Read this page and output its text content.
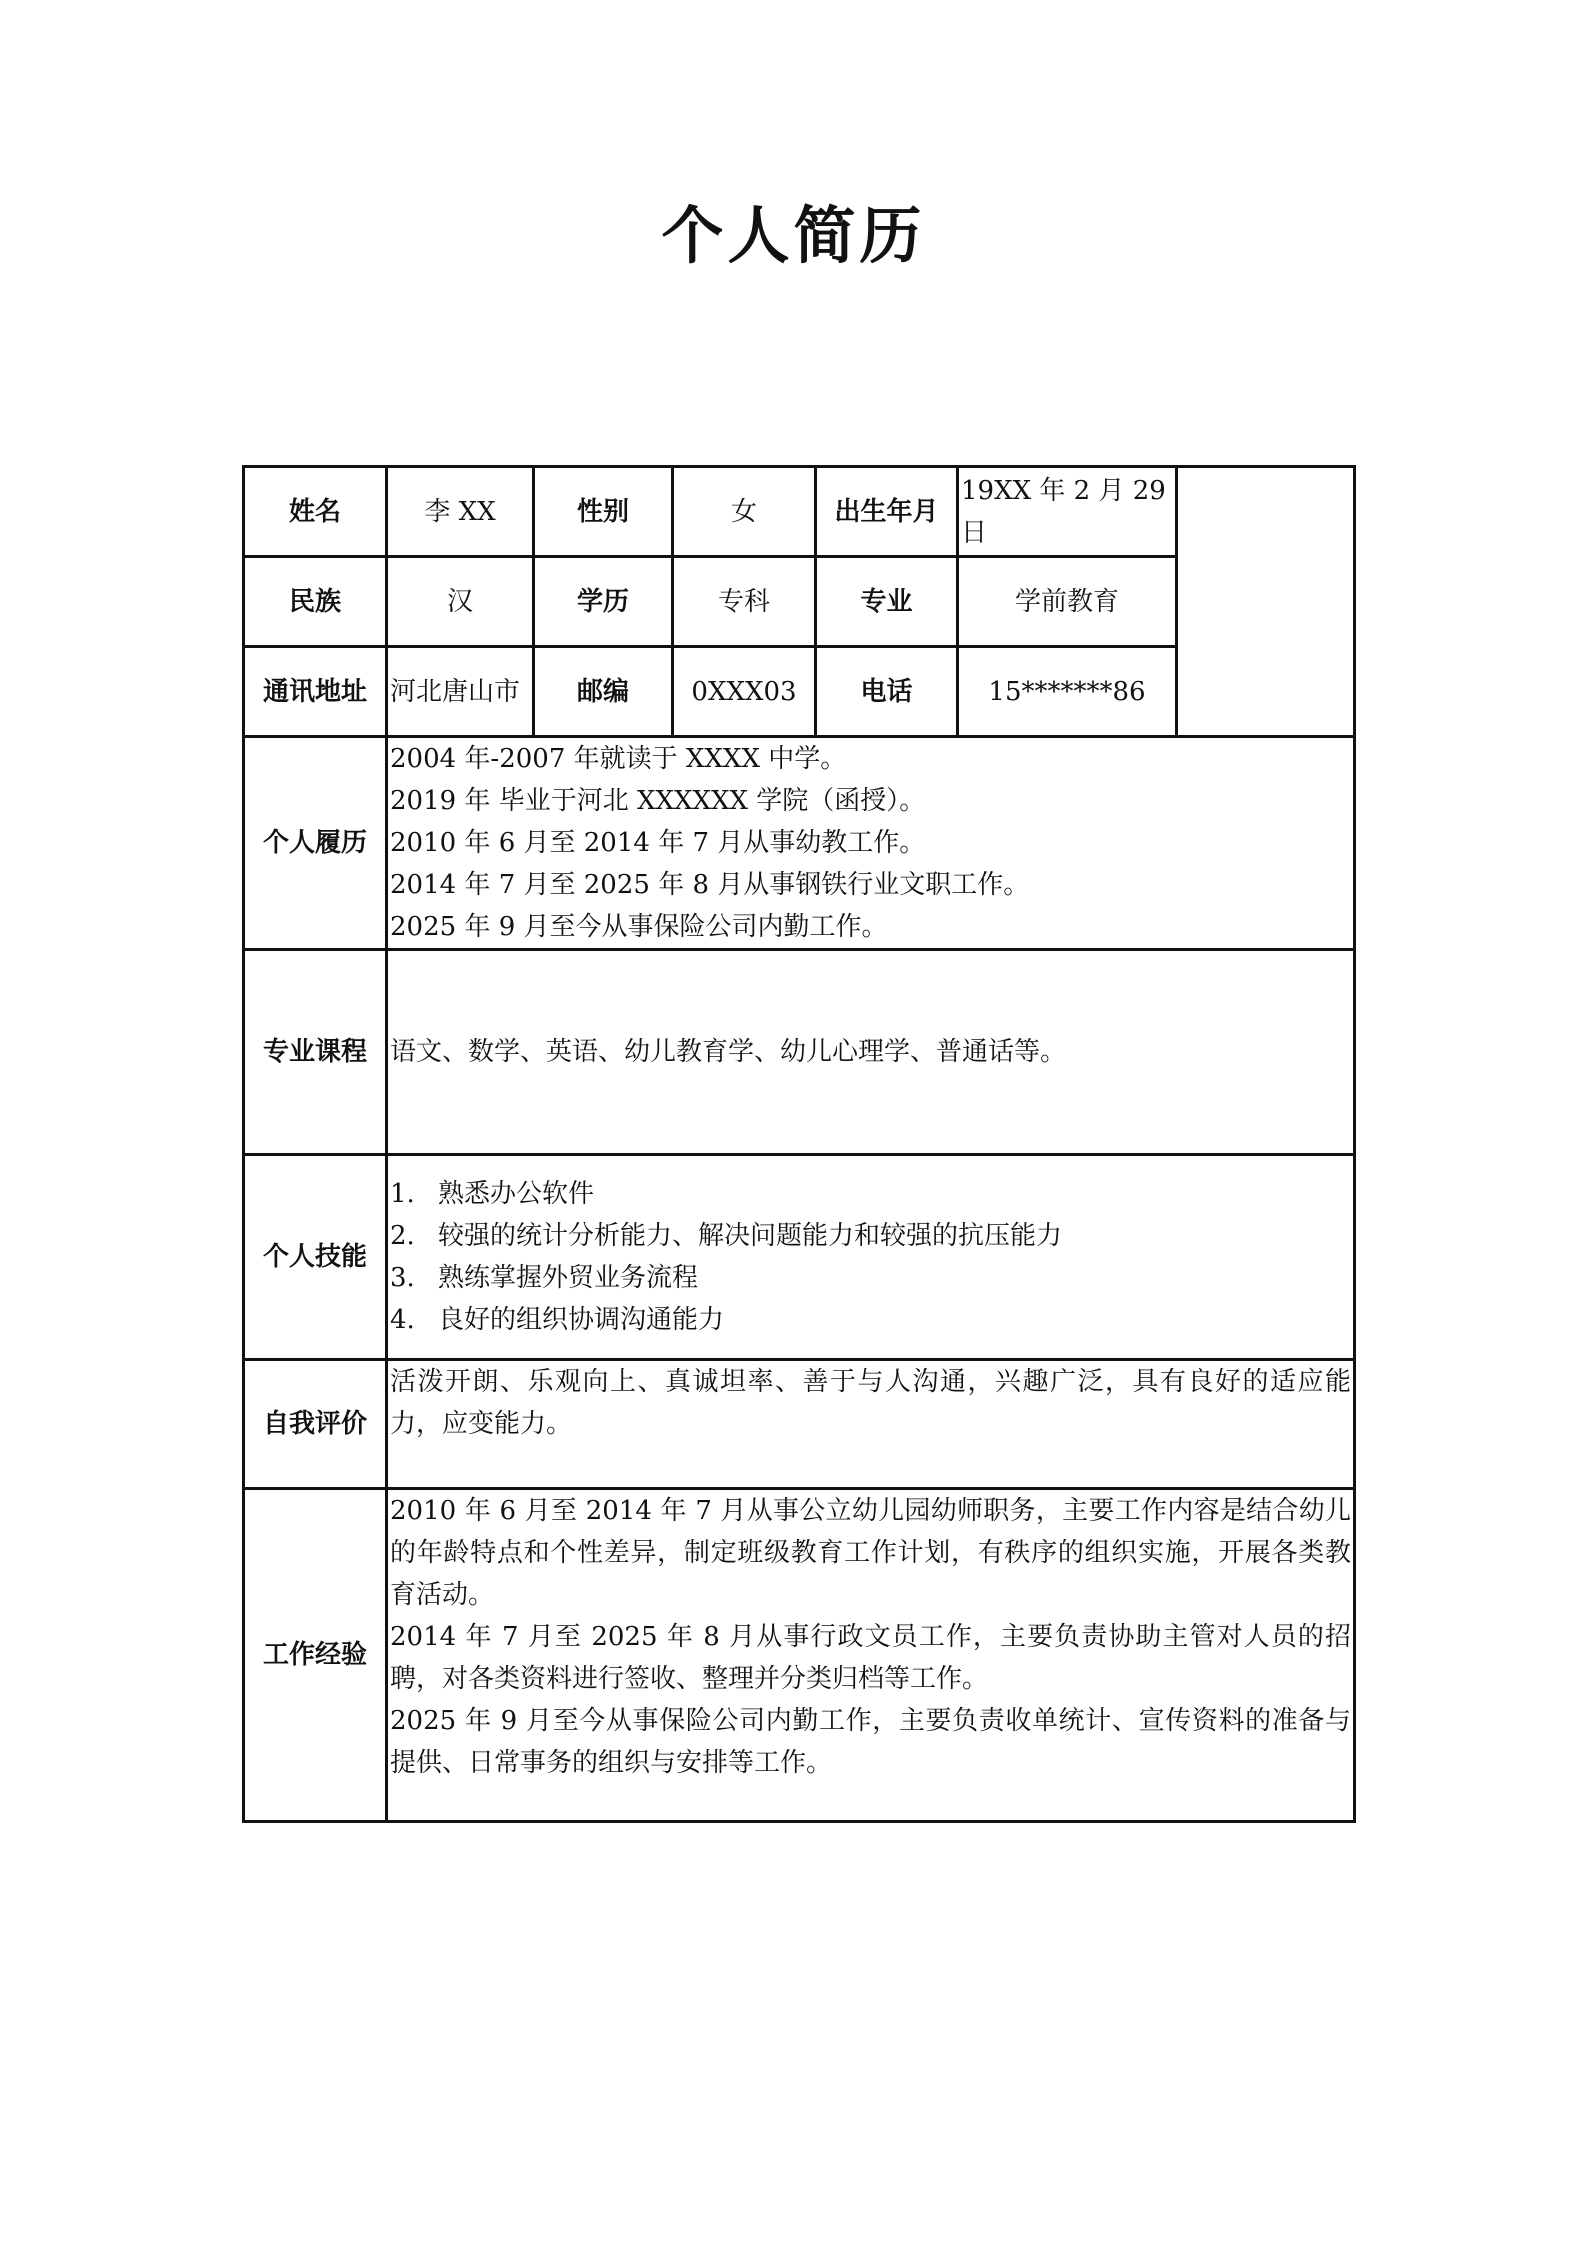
个人简历
姓名	李 XX	性别	女	出生年月	19XX 年 2 月 29 日	
民族	汉	学历	专科	专业	学前教育	
通讯地址	河北唐山市	邮编	0XXX03	电话	15*******86	
个人履历	2004 年-2007 年就读于 XXXX 中学。
2019 年 毕业于河北 XXXXXX 学院（函授）。
2010 年 6 月至 2014 年 7 月从事幼教工作。
2014 年 7 月至 2025 年 8 月从事钢铁行业文职工作。
2025 年 9 月至今从事保险公司内勤工作。					

专业课程	语文、数学、英语、幼儿教育学、幼儿心理学、普通话等。					

个人技能	1. 熟悉办公软件
2. 较强的统计分析能力、解决问题能力和较强的抗压能力
3. 熟练掌握外贸业务流程
4. 良好的组织协调沟通能力					

自我评价	活泼开朗、乐观向上、真诚坦率、善于与人沟通，兴趣广泛，具有良好的适应能力，应变能力。					

工作经验	2010 年 6 月至 2014 年 7 月从事公立幼儿园幼师职务，主要工作内容是结合幼儿的年龄特点和个性差异，制定班级教育工作计划，有秩序的组织实施，开展各类教育活动。
2014 年 7 月至 2025 年 8 月从事行政文员工作，主要负责协助主管对人员的招聘，对各类资料进行签收、整理并分类归档等工作。
2025 年 9 月至今从事保险公司内勤工作，主要负责收单统计、宣传资料的准备与提供、日常事务的组织与安排等工作。					
